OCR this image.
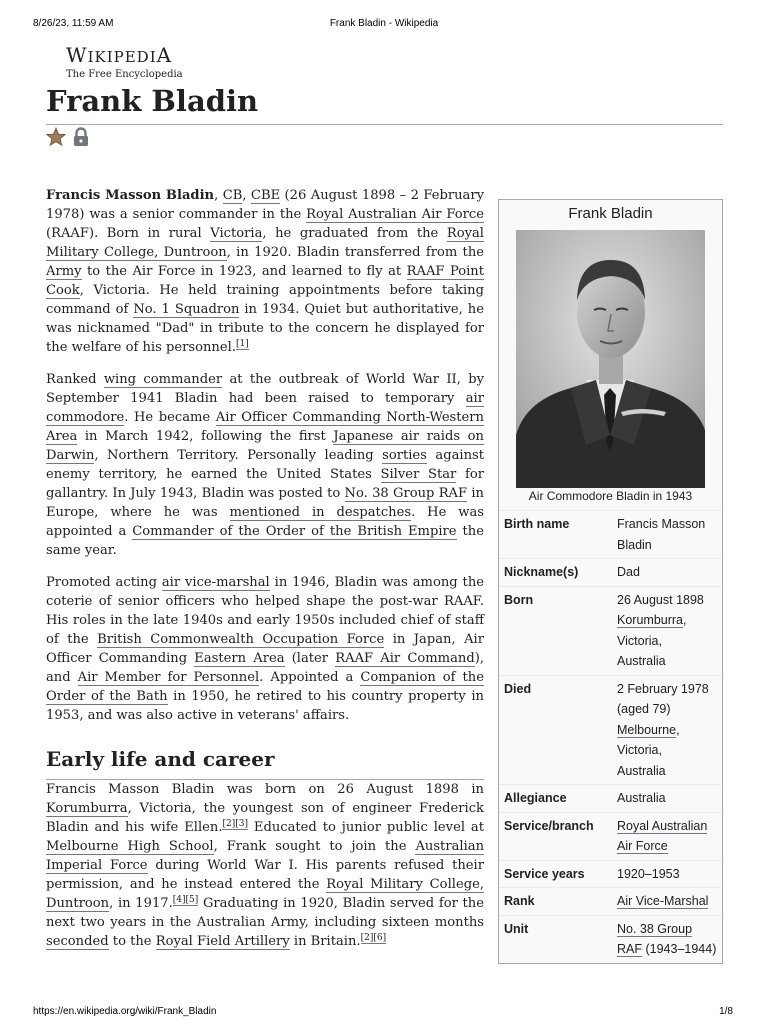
8/26/23, 11:59 AM	Frank Bladin - Wikipedia
WIKIPEDIA
The Free Encyclopedia
Frank Bladin

Francis Masson Bladin, CB, CBE (26 August 1898 – 2 February 1978) was a senior commander in the Royal Australian Air Force (RAAF). Born in rural Victoria, he graduated from the Royal Military College, Duntroon, in 1920. Bladin transferred from the Army to the Air Force in 1923, and learned to fly at RAAF Point Cook, Victoria. He held training appointments before taking command of No. 1 Squadron in 1934. Quiet but authoritative, he was nicknamed "Dad" in tribute to the concern he displayed for the welfare of his personnel.[1]

Ranked wing commander at the outbreak of World War II, by September 1941 Bladin had been raised to temporary air commodore. He became Air Officer Commanding North-Western Area in March 1942, following the first Japanese air raids on Darwin, Northern Territory. Personally leading sorties against enemy territory, he earned the United States Silver Star for gallantry. In July 1943, Bladin was posted to No. 38 Group RAF in Europe, where he was mentioned in despatches. He was appointed a Commander of the Order of the British Empire the same year.

Promoted acting air vice-marshal in 1946, Bladin was among the coterie of senior officers who helped shape the post-war RAAF. His roles in the late 1940s and early 1950s included chief of staff of the British Commonwealth Occupation Force in Japan, Air Officer Commanding Eastern Area (later RAAF Air Command), and Air Member for Personnel. Appointed a Companion of the Order of the Bath in 1950, he retired to his country property in 1953, and was also active in veterans' affairs.

Early life and career

Francis Masson Bladin was born on 26 August 1898 in Korumburra, Victoria, the youngest son of engineer Frederick Bladin and his wife Ellen.[2][3] Educated to junior public level at Melbourne High School, Frank sought to join the Australian Imperial Force during World War I. His parents refused their permission, and he instead entered the Royal Military College, Duntroon, in 1917.[4][5] Graduating in 1920, Bladin served for the next two years in the Australian Army, including sixteen months seconded to the Royal Field Artillery in Britain.[2][6]

Frank Bladin
Air Commodore Bladin in 1943
Birth name	Francis Masson Bladin
Nickname(s)	Dad
Born	26 August 1898
Korumburra,
Victoria,
Australia
Died	2 February 1978
(aged 79)
Melbourne,
Victoria,
Australia
Allegiance	Australia
Service/branch	Royal Australian Air Force
Service years	1920–1953
Rank	Air Vice-Marshal
Unit	No. 38 Group RAF (1943–1944)
https://en.wikipedia.org/wiki/Frank_Bladin	1/8
